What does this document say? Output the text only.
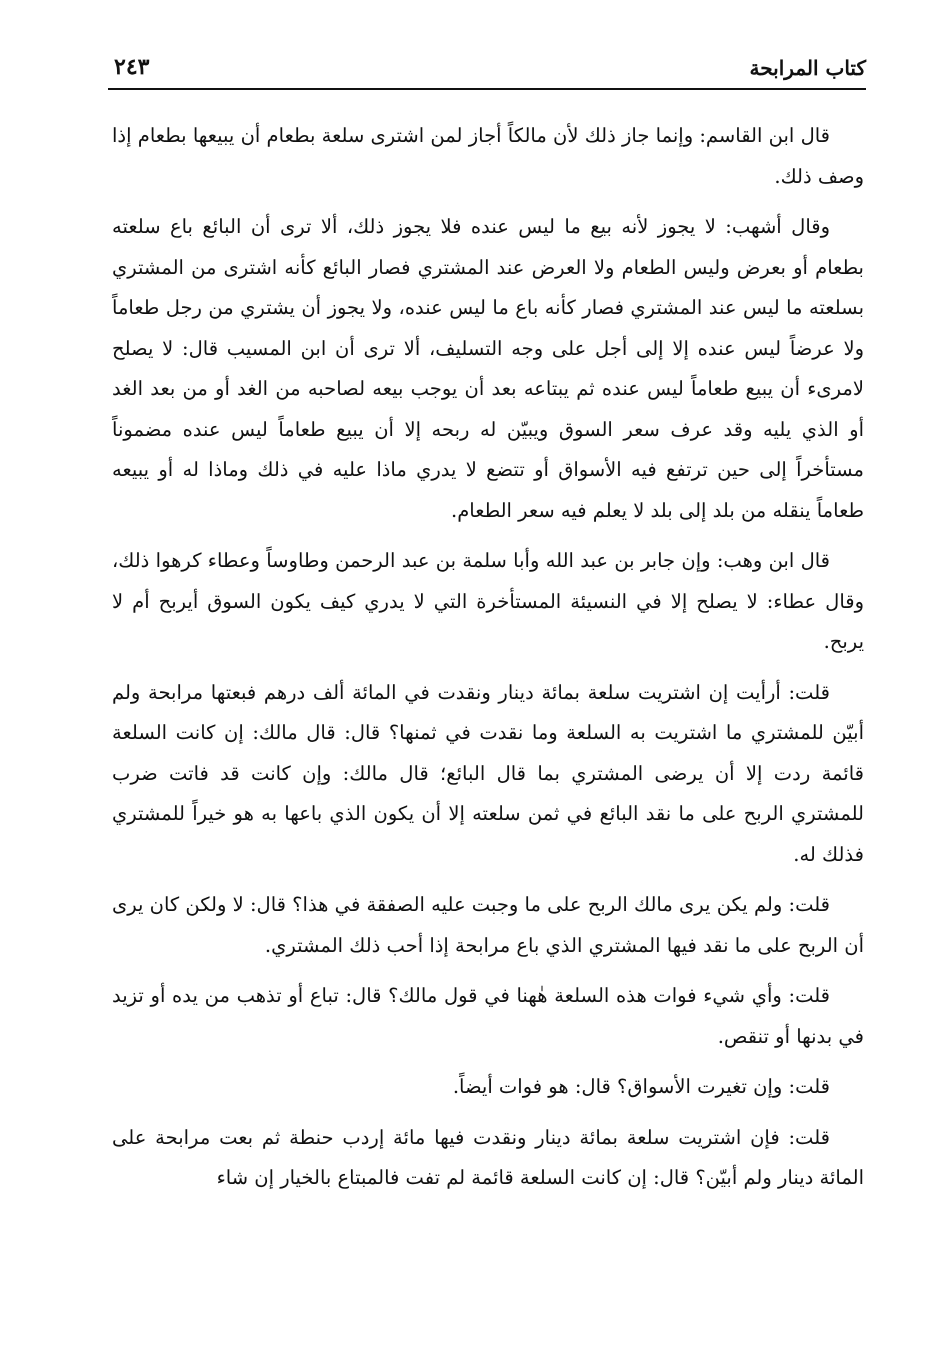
كتاب المرابحة
٢٤٣

قال ابن القاسم: وإنما جاز ذلك لأن مالكاً أجاز لمن اشترى سلعة بطعام أن يبيعها بطعام إذا وصف ذلك.

وقال أشهب: لا يجوز لأنه بيع ما ليس عنده فلا يجوز ذلك، ألا ترى أن البائع باع سلعته بطعام أو بعرض وليس الطعام ولا العرض عند المشتري فصار البائع كأنه اشترى من المشتري بسلعته ما ليس عند المشتري فصار كأنه باع ما ليس عنده، ولا يجوز أن يشتري من رجل طعاماً ولا عرضاً ليس عنده إلا إلى أجل على وجه التسليف، ألا ترى أن ابن المسيب قال: لا يصلح لامرىء أن يبيع طعاماً ليس عنده ثم يبتاعه بعد أن يوجب بيعه لصاحبه من الغد أو من بعد الغد أو الذي يليه وقد عرف سعر السوق ويبيّن له ربحه إلا أن يبيع طعاماً ليس عنده مضموناً مستأخراً إلى حين ترتفع فيه الأسواق أو تتضع لا يدري ماذا عليه في ذلك وماذا له أو يبيعه طعاماً ينقله من بلد إلى بلد لا يعلم فيه سعر الطعام.

قال ابن وهب: وإن جابر بن عبد الله وأبا سلمة بن عبد الرحمن وطاوساً وعطاء كرهوا ذلك، وقال عطاء: لا يصلح إلا في النسيئة المستأخرة التي لا يدري كيف يكون السوق أيربح أم لا يربح.

قلت: أرأيت إن اشتريت سلعة بمائة دينار ونقدت في المائة ألف درهم فبعتها مرابحة ولم أبيّن للمشتري ما اشتريت به السلعة وما نقدت في ثمنها؟ قال: قال مالك: إن كانت السلعة قائمة ردت إلا أن يرضى المشتري بما قال البائع؛ قال مالك: وإن كانت قد فاتت ضرب للمشتري الربح على ما نقد البائع في ثمن سلعته إلا أن يكون الذي باعها به هو خيراً للمشتري فذلك له.

قلت: ولم يكن يرى مالك الربح على ما وجبت عليه الصفقة في هذا؟ قال: لا ولكن كان يرى أن الربح على ما نقد فيها المشتري الذي باع مرابحة إذا أحب ذلك المشتري.

قلت: وأي شيء فوات هذه السلعة هٰهنا في قول مالك؟ قال: تباع أو تذهب من يده أو تزيد في بدنها أو تنقص.

قلت: وإن تغيرت الأسواق؟ قال: هو فوات أيضاً.

قلت: فإن اشتريت سلعة بمائة دينار ونقدت فيها مائة إردب حنطة ثم بعت مرابحة على المائة دينار ولم أبيّن؟ قال: إن كانت السلعة قائمة لم تفت فالمبتاع بالخيار إن شاء
